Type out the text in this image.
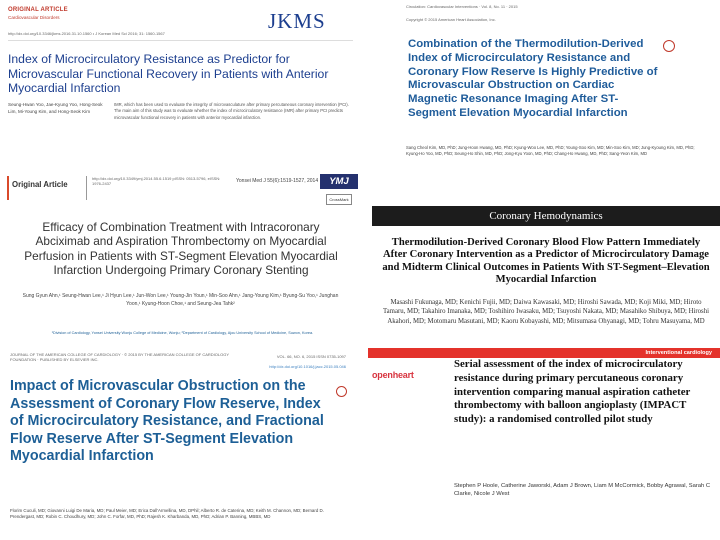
ORIGINAL ARTICLE
Cardiovascular Disorders	JKMS
http://dx.doi.org/10.3346/jkms.2016.31.10.1560 • J Korean Med Sci 2016; 31: 1560-1567
Index of Microcirculatory Resistance as Predictor for Microvascular Functional Recovery in Patients with Anterior Myocardial Infarction
Seung-Hwan Yoo, Jae-Kyung Yoo, Hong-Seok Lim, Mi-Young Kim, and Hong-Seok Kim
IMR, which has been used to evaluate the integrity of microvasculature after primary percutaneous coronary intervention (PCI). The main aim of this study was to evaluate whether the index of microcirculatory resistance (IMR) after primary PCI predicts microvascular functional recovery in patients with anterior myocardial infarction.
Circulation: Cardiovascular Interventions · Vol. 8, No. 11 · 2015
Copyright © 2015 American Heart Association, Inc.
Combination of the Thermodilution-Derived Index of Microcirculatory Resistance and Coronary Flow Reserve Is Highly Predictive of Microvascular Obstruction on Cardiac Magnetic Resonance Imaging After ST-Segment Elevation Myocardial Infarction
Sang Cheol Kim, MD, PhD; Jung-Hoon Hwang, MD, PhD; Kyung-Woo Lee, MD, PhD; Young-Soo Kim, MD; Min-Soo Kim, MD; Jung-Kyoung Kim, MD, PhD; Kyung-Ho Yoo, MD, PhD; Seung-Ho Shin, MD, PhD; Jong-Kyu Yoon, MD, PhD; Chang-Ho Hwang, MD, PhD; Sang-Yeon Kim, MD
Original Article
http://dx.doi.org/10.3349/ymj.2014.55.6.1519 pISSN: 0513-5796, eISSN: 1976-2437	Yonsei Med J 55(6):1519-1527, 2014	YMJ
CrossMark
Efficacy of Combination Treatment with Intracoronary Abciximab and Aspiration Thrombectomy on Myocardial Perfusion in Patients with ST-Segment Elevation Myocardial Infarction Undergoing Primary Coronary Stenting
Sung Gyun Ahn,¹ Seung-Hwan Lee,¹ Ji Hyun Lee,¹ Jun-Won Lee,¹ Young-Jin Youn,¹ Min-Soo Ahn,¹ Jang-Young Kim,¹ Byung-Su Yoo,¹ Junghan Yoon,¹ Kyung-Hoon Choe,¹ and Seung-Jea Tahk²
¹Division of Cardiology, Yonsei University Wonju College of Medicine, Wonju; ²Department of Cardiology, Ajou University School of Medicine, Suwon, Korea.
Coronary Hemodynamics
Thermodilution-Derived Coronary Blood Flow Pattern Immediately After Coronary Intervention as a Predictor of Microcirculatory Damage and Midterm Clinical Outcomes in Patients With ST-Segment–Elevation Myocardial Infarction
Masashi Fukunaga, MD; Kenichi Fujii, MD; Daiwa Kawasaki, MD; Hiroshi Sawada, MD; Koji Miki, MD; Hiroto Tamaru, MD; Takahiro Imanaka, MD; Toshihiro Iwasaku, MD; Tsuyoshi Nakata, MD; Masahiko Shibuya, MD; Hiroshi Akahori, MD; Motomaru Masutani, MD; Kaoru Kobayashi, MD; Mitsumasa Ohyanagi, MD; Tohru Masuyama, MD
JOURNAL OF THE AMERICAN COLLEGE OF CARDIOLOGY · © 2015 BY THE AMERICAN COLLEGE OF CARDIOLOGY FOUNDATION · PUBLISHED BY ELSEVIER INC.
VOL. 66, NO. 6, 2015 ISSN 0735-1097
http://dx.doi.org/10.1016/j.jacc.2015.05.046
Impact of Microvascular Obstruction on the Assessment of Coronary Flow Reserve, Index of Microcirculatory Resistance, and Fractional Flow Reserve After ST-Segment Elevation Myocardial Infarction
Florim Cuculi, MD; Giovanni Luigi De Maria, MD; Paul Meier, MD; Erica Dall'Armellina, MD, DPhil; Alberto R. de Caterina, MD; Keith M. Channon, MD; Bernard D. Prendergast, MD; Robin C. Choudhury, MD; John C. Forfar, MD, PhD; Rajesh K. Kharbanda, MD, PhD; Adrian P. Banning, MBBS, MD
Interventional cardiology
openheart
Serial assessment of the index of microcirculatory resistance during primary percutaneous coronary intervention comparing manual aspiration catheter thrombectomy with balloon angioplasty (IMPACT study): a randomised controlled pilot study
Stephen P Hoole, Catherine Jaworski, Adam J Brown, Liam M McCormick, Bobby Agrawal, Sarah C Clarke, Nicole J West
